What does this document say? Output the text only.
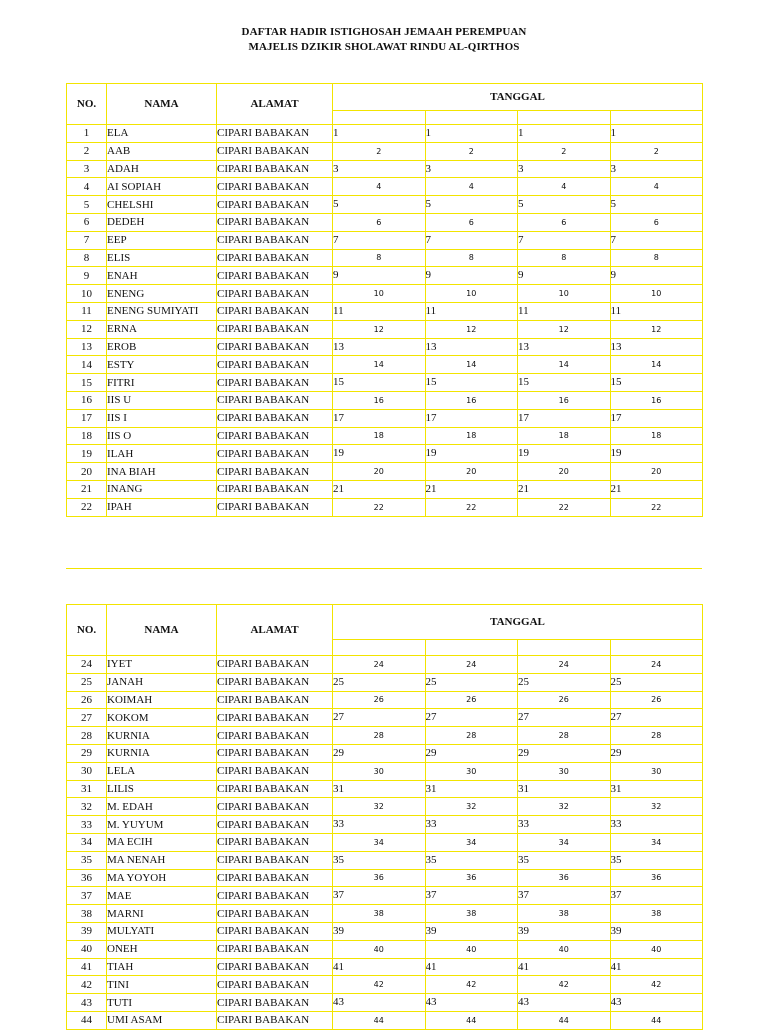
DAFTAR HADIR ISTIGHOSAH JEMAAH PEREMPUAN
MAJELIS DZIKIR SHOLAWAT RINDU AL-QIRTHOS
NO.	NAMA	ALAMAT	TANGGAL			

1	ELA	CIPARI BABAKAN	1	1	1	1
2	AAB	CIPARI BABAKAN	2	2	2	2
3	ADAH	CIPARI BABAKAN	3	3	3	3
4	AI SOPIAH	CIPARI BABAKAN	4	4	4	4
5	CHELSHI	CIPARI BABAKAN	5	5	5	5
6	DEDEH	CIPARI BABAKAN	6	6	6	6
7	EEP	CIPARI BABAKAN	7	7	7	7
8	ELIS	CIPARI BABAKAN	8	8	8	8
9	ENAH	CIPARI BABAKAN	9	9	9	9
10	ENENG	CIPARI BABAKAN	10	10	10	10
11	ENENG SUMIYATI	CIPARI BABAKAN	11	11	11	11
12	ERNA	CIPARI BABAKAN	12	12	12	12
13	EROB	CIPARI BABAKAN	13	13	13	13
14	ESTY	CIPARI BABAKAN	14	14	14	14
15	FITRI	CIPARI BABAKAN	15	15	15	15
16	IIS U	CIPARI BABAKAN	16	16	16	16
17	IIS I	CIPARI BABAKAN	17	17	17	17
18	IIS O	CIPARI BABAKAN	18	18	18	18
19	ILAH	CIPARI BABAKAN	19	19	19	19
20	INA BIAH	CIPARI BABAKAN	20	20	20	20
21	INANG	CIPARI BABAKAN	21	21	21	21
22	IPAH	CIPARI BABAKAN	22	22	22	22
NO.	NAMA	ALAMAT	TANGGAL			

24	IYET	CIPARI BABAKAN	24	24	24	24
25	JANAH	CIPARI BABAKAN	25	25	25	25
26	KOIMAH	CIPARI BABAKAN	26	26	26	26
27	KOKOM	CIPARI BABAKAN	27	27	27	27
28	KURNIA	CIPARI BABAKAN	28	28	28	28
29	KURNIA	CIPARI BABAKAN	29	29	29	29
30	LELA	CIPARI BABAKAN	30	30	30	30
31	LILIS	CIPARI BABAKAN	31	31	31	31
32	M. EDAH	CIPARI BABAKAN	32	32	32	32
33	M. YUYUM	CIPARI BABAKAN	33	33	33	33
34	MA ECIH	CIPARI BABAKAN	34	34	34	34
35	MA NENAH	CIPARI BABAKAN	35	35	35	35
36	MA YOYOH	CIPARI BABAKAN	36	36	36	36
37	MAE	CIPARI BABAKAN	37	37	37	37
38	MARNI	CIPARI BABAKAN	38	38	38	38
39	MULYATI	CIPARI BABAKAN	39	39	39	39
40	ONEH	CIPARI BABAKAN	40	40	40	40
41	TIAH	CIPARI BABAKAN	41	41	41	41
42	TINI	CIPARI BABAKAN	42	42	42	42
43	TUTI	CIPARI BABAKAN	43	43	43	43
44	UMI ASAM	CIPARI BABAKAN	44	44	44	44
